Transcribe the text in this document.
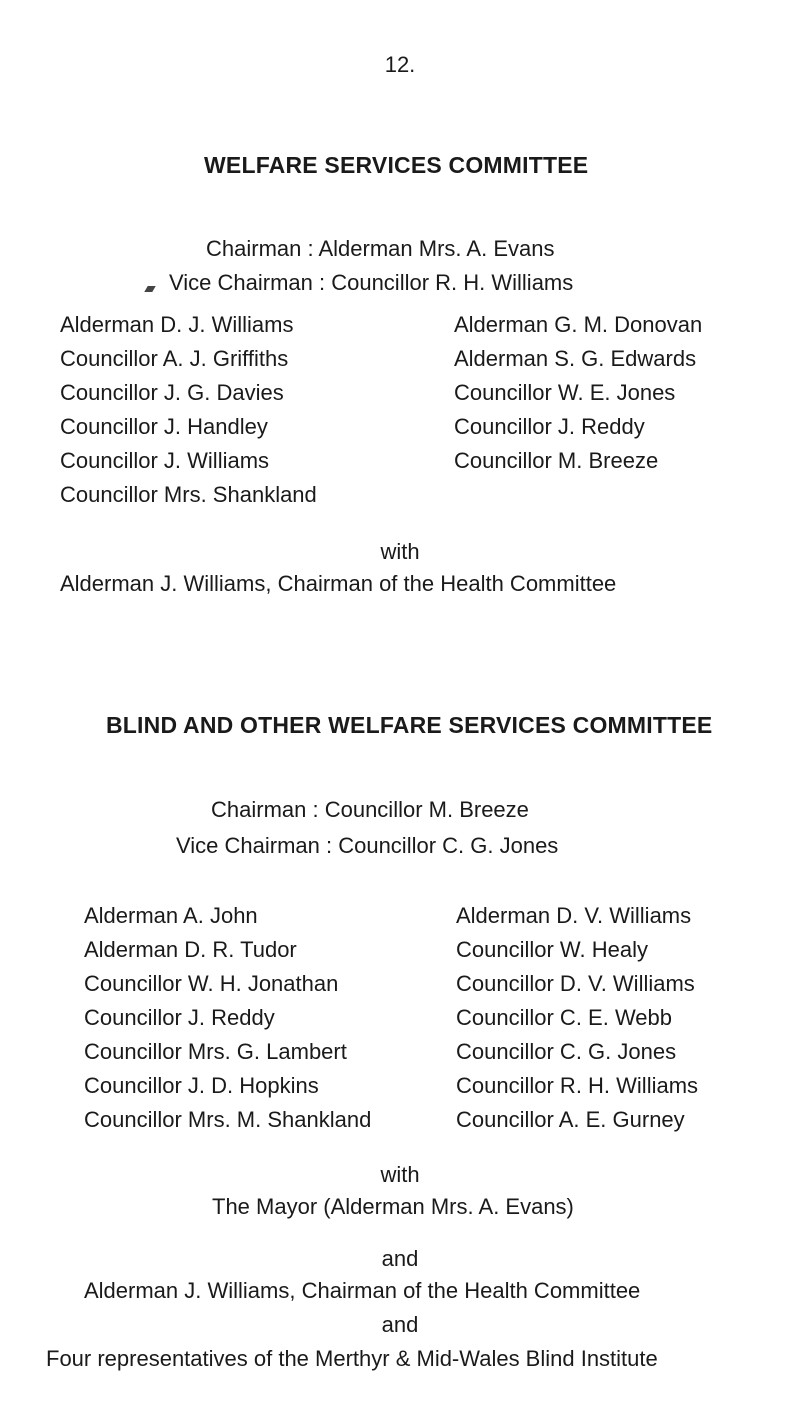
12.
WELFARE SERVICES COMMITTEE
Chairman : Alderman Mrs. A. Evans
Vice Chairman : Councillor R. H. Williams
Alderman D. J. Williams
Councillor A. J. Griffiths
Councillor J. G. Davies
Councillor J. Handley
Councillor J. Williams
Councillor Mrs. Shankland
Alderman G. M. Donovan
Alderman S. G. Edwards
Councillor W. E. Jones
Councillor J. Reddy
Councillor M. Breeze
with
Alderman J. Williams, Chairman of the Health Committee
BLIND AND OTHER WELFARE SERVICES COMMITTEE
Chairman : Councillor M. Breeze
Vice Chairman : Councillor C. G. Jones
Alderman A. John
Alderman D. R. Tudor
Councillor W. H. Jonathan
Councillor J. Reddy
Councillor Mrs. G. Lambert
Councillor J. D. Hopkins
Councillor Mrs. M. Shankland
Alderman D. V. Williams
Councillor W. Healy
Councillor D. V. Williams
Councillor C. E. Webb
Councillor C. G. Jones
Councillor R. H. Williams
Councillor A. E. Gurney
with
The Mayor (Alderman Mrs. A. Evans)
and
Alderman J. Williams, Chairman of the Health Committee
and
Four representatives of the Merthyr & Mid-Wales Blind Institute
